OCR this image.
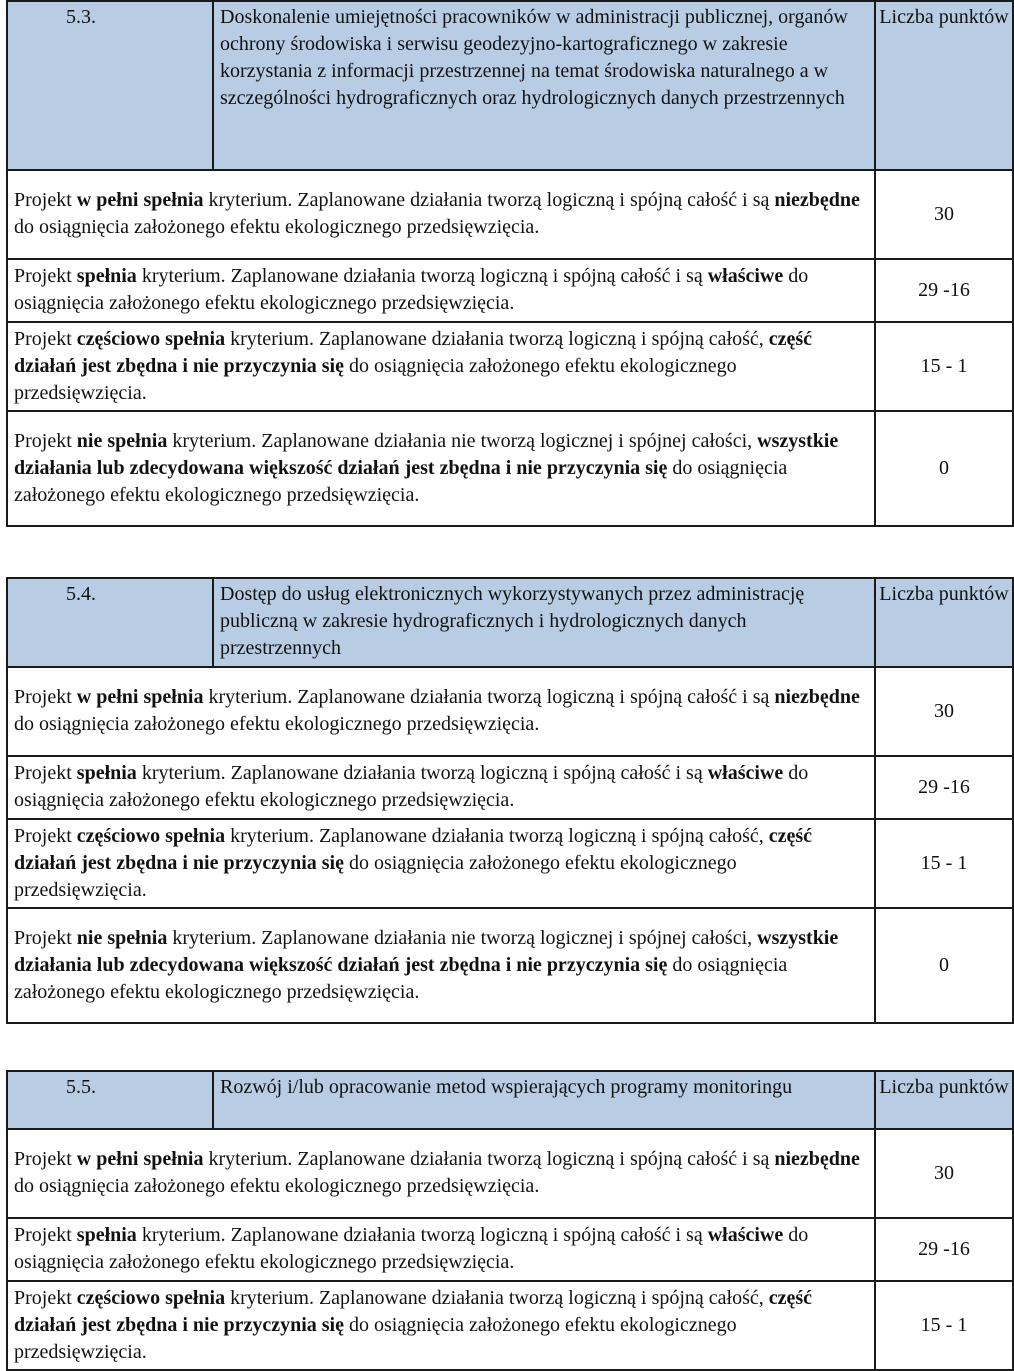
5.3.	Doskonalenie umiejętności pracowników w administracji publicznej, organów ochrony środowiska i serwisu geodezyjno-kartograficznego w zakresie korzystania z informacji przestrzennej na temat środowiska naturalnego a w szczególności hydrograficznych oraz hydrologicznych danych przestrzennych	Liczba punktów
Projekt w pełni spełnia kryterium. Zaplanowane działania tworzą logiczną i spójną całość i są niezbędne do osiągnięcia założonego efektu ekologicznego przedsięwzięcia.		30
Projekt spełnia kryterium. Zaplanowane działania tworzą logiczną i spójną całość i są właściwe do osiągnięcia założonego efektu ekologicznego przedsięwzięcia.		29 -16
Projekt częściowo spełnia kryterium. Zaplanowane działania tworzą logiczną i spójną całość, część działań jest zbędna i nie przyczynia się do osiągnięcia założonego efektu ekologicznego przedsięwzięcia.		15 - 1
Projekt nie spełnia kryterium. Zaplanowane działania nie tworzą logicznej i spójnej całości, wszystkie działania lub zdecydowana większość działań jest zbędna i nie przyczynia się do osiągnięcia założonego efektu ekologicznego przedsięwzięcia.		0
5.4.	Dostęp do usług elektronicznych wykorzystywanych przez administrację publiczną w zakresie hydrograficznych i hydrologicznych danych przestrzennych	Liczba punktów
Projekt w pełni spełnia kryterium. Zaplanowane działania tworzą logiczną i spójną całość i są niezbędne do osiągnięcia założonego efektu ekologicznego przedsięwzięcia.		30
Projekt spełnia kryterium. Zaplanowane działania tworzą logiczną i spójną całość i są właściwe do osiągnięcia założonego efektu ekologicznego przedsięwzięcia.		29 -16
Projekt częściowo spełnia kryterium. Zaplanowane działania tworzą logiczną i spójną całość, część działań jest zbędna i nie przyczynia się do osiągnięcia założonego efektu ekologicznego przedsięwzięcia.		15 - 1
Projekt nie spełnia kryterium. Zaplanowane działania nie tworzą logicznej i spójnej całości, wszystkie działania lub zdecydowana większość działań jest zbędna i nie przyczynia się do osiągnięcia założonego efektu ekologicznego przedsięwzięcia.		0
5.5.	Rozwój i/lub opracowanie metod wspierających programy monitoringu	Liczba punktów
Projekt w pełni spełnia kryterium. Zaplanowane działania tworzą logiczną i spójną całość i są niezbędne do osiągnięcia założonego efektu ekologicznego przedsięwzięcia.		30
Projekt spełnia kryterium. Zaplanowane działania tworzą logiczną i spójną całość i są właściwe do osiągnięcia założonego efektu ekologicznego przedsięwzięcia.		29 -16
Projekt częściowo spełnia kryterium. Zaplanowane działania tworzą logiczną i spójną całość, część działań jest zbędna i nie przyczynia się do osiągnięcia założonego efektu ekologicznego przedsięwzięcia.		15 - 1
